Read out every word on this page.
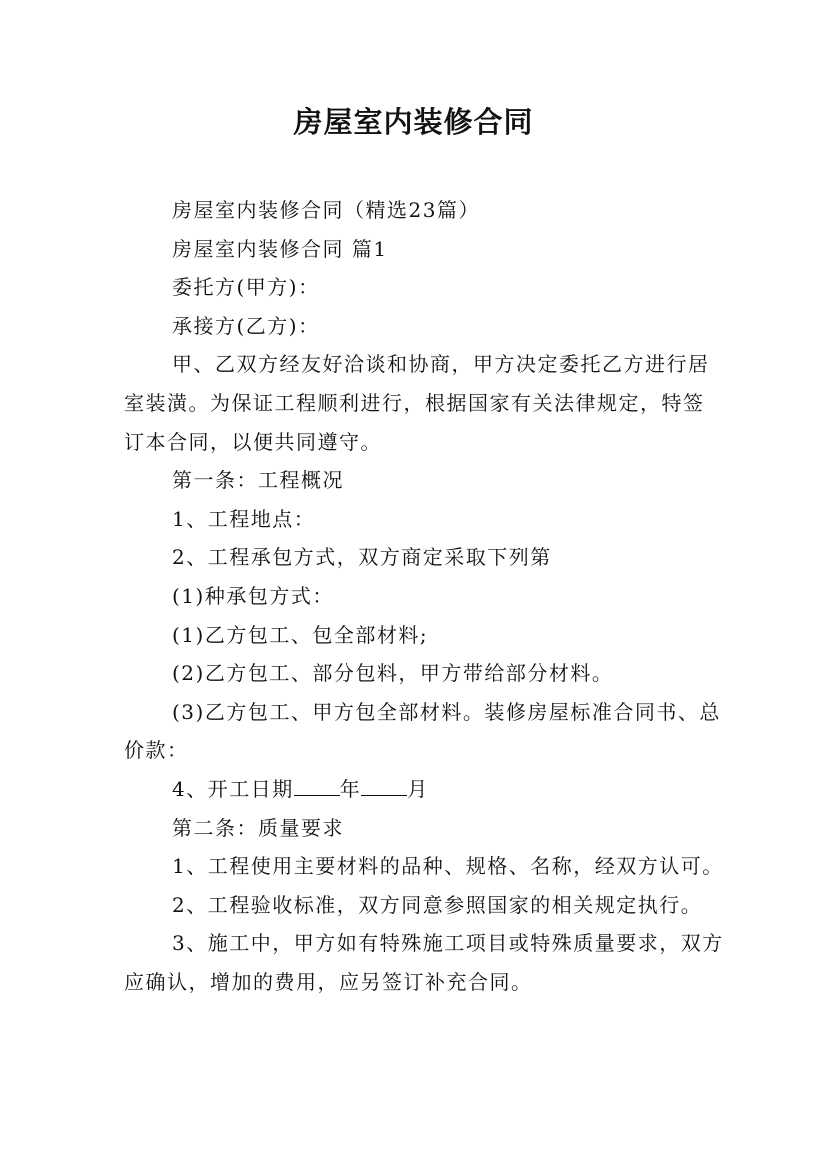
房屋室内装修合同

房屋室内装修合同（精选23篇）

房屋室内装修合同 篇1

委托方(甲方)：

承接方(乙方)：

甲、乙双方经友好洽谈和协商，甲方决定委托乙方进行居室装潢。为保证工程顺利进行，根据国家有关法律规定，特签订本合同，以便共同遵守。

第一条：工程概况

1、工程地点：

2、工程承包方式，双方商定采取下列第

(1)种承包方式：

(1)乙方包工、包全部材料;

(2)乙方包工、部分包料，甲方带给部分材料。

(3)乙方包工、甲方包全部材料。装修房屋标准合同书、总价款：

4、开工日期 年 月

第二条：质量要求

1、工程使用主要材料的品种、规格、名称，经双方认可。

2、工程验收标准，双方同意参照国家的相关规定执行。

3、施工中，甲方如有特殊施工项目或特殊质量要求，双方应确认，增加的费用，应另签订补充合同。
